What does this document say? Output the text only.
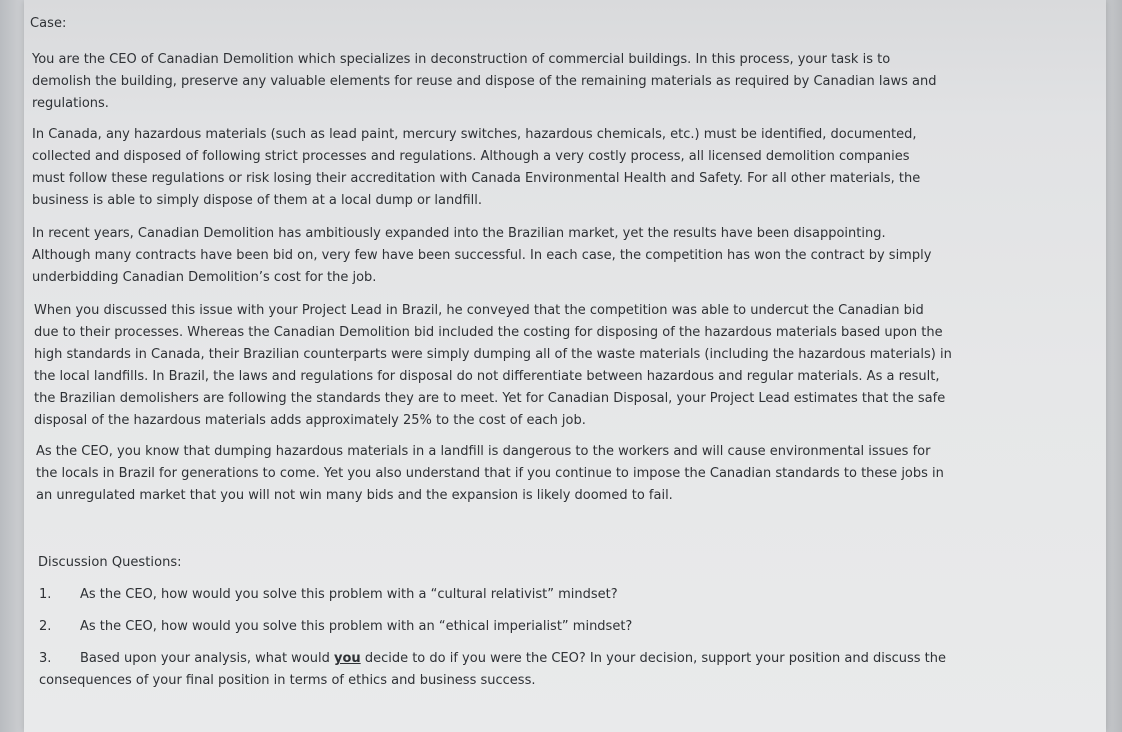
Case:
You are the CEO of Canadian Demolition which specializes in deconstruction of commercial buildings. In this process, your task is to
demolish the building, preserve any valuable elements for reuse and dispose of the remaining materials as required by Canadian laws and
regulations.
In Canada, any hazardous materials (such as lead paint, mercury switches, hazardous chemicals, etc.) must be identified, documented,
collected and disposed of following strict processes and regulations. Although a very costly process, all licensed demolition companies
must follow these regulations or risk losing their accreditation with Canada Environmental Health and Safety. For all other materials, the
business is able to simply dispose of them at a local dump or landfill.
In recent years, Canadian Demolition has ambitiously expanded into the Brazilian market, yet the results have been disappointing.
Although many contracts have been bid on, very few have been successful. In each case, the competition has won the contract by simply
underbidding Canadian Demolition’s cost for the job.
When you discussed this issue with your Project Lead in Brazil, he conveyed that the competition was able to undercut the Canadian bid
due to their processes. Whereas the Canadian Demolition bid included the costing for disposing of the hazardous materials based upon the
high standards in Canada, their Brazilian counterparts were simply dumping all of the waste materials (including the hazardous materials) in
the local landfills. In Brazil, the laws and regulations for disposal do not differentiate between hazardous and regular materials. As a result,
the Brazilian demolishers are following the standards they are to meet. Yet for Canadian Disposal, your Project Lead estimates that the safe
disposal of the hazardous materials adds approximately 25% to the cost of each job.
As the CEO, you know that dumping hazardous materials in a landfill is dangerous to the workers and will cause environmental issues for
the locals in Brazil for generations to come. Yet you also understand that if you continue to impose the Canadian standards to these jobs in
an unregulated market that you will not win many bids and the expansion is likely doomed to fail.
Discussion Questions:
1. As the CEO, how would you solve this problem with a “cultural relativist” mindset?
2. As the CEO, how would you solve this problem with an “ethical imperialist” mindset?
3. Based upon your analysis, what would you decide to do if you were the CEO? In your decision, support your position and discuss the
consequences of your final position in terms of ethics and business success.
